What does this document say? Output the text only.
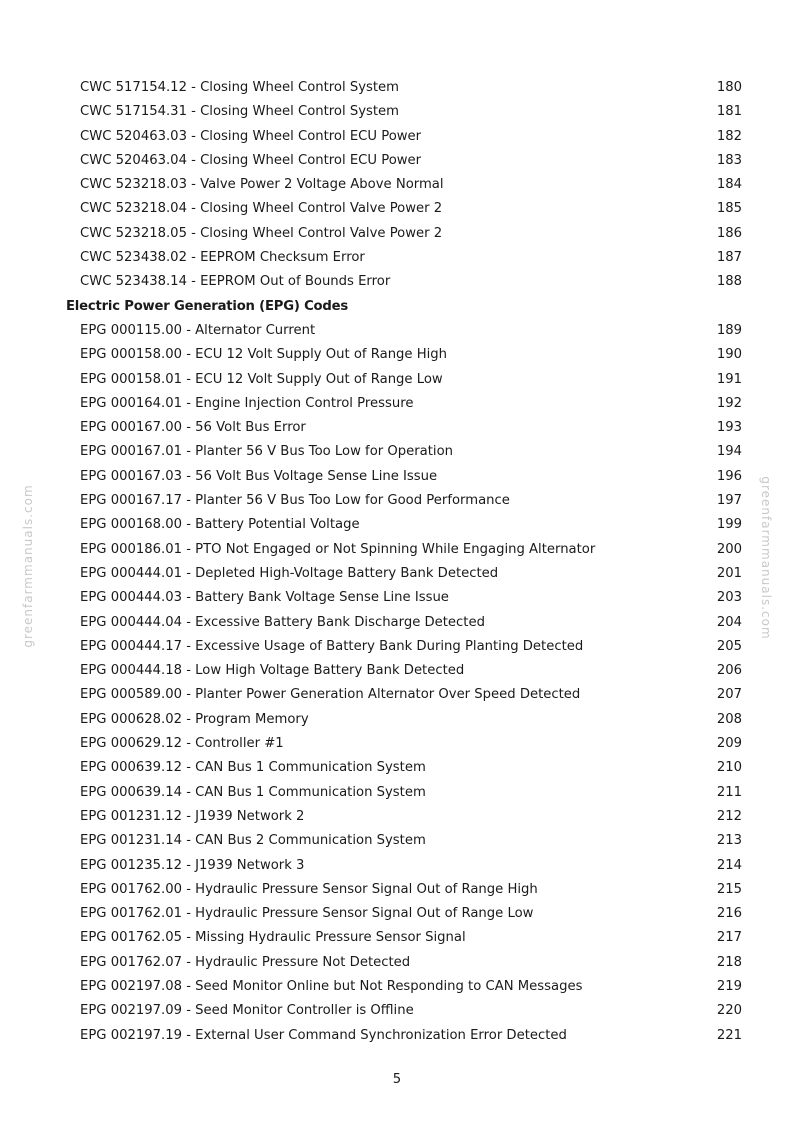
greenfarmmanuals.com	greenfarmmanuals.com
CWC 517154.12 - Closing Wheel Control System	180
CWC 517154.31 - Closing Wheel Control System	181
CWC 520463.03 - Closing Wheel Control ECU Power	182
CWC 520463.04 - Closing Wheel Control ECU Power	183
CWC 523218.03 - Valve Power 2 Voltage Above Normal	184
CWC 523218.04 - Closing Wheel Control Valve Power 2	185
CWC 523218.05 - Closing Wheel Control Valve Power 2	186
CWC 523438.02 - EEPROM Checksum Error	187
CWC 523438.14 - EEPROM Out of Bounds Error	188
Electric Power Generation (EPG) Codes
EPG 000115.00 - Alternator Current	189
EPG 000158.00 - ECU 12 Volt Supply Out of Range High	190
EPG 000158.01 - ECU 12 Volt Supply Out of Range Low	191
EPG 000164.01 - Engine Injection Control Pressure	192
EPG 000167.00 - 56 Volt Bus Error	193
EPG 000167.01 - Planter 56 V Bus Too Low for Operation	194
EPG 000167.03 - 56 Volt Bus Voltage Sense Line Issue	196
EPG 000167.17 - Planter 56 V Bus Too Low for Good Performance	197
EPG 000168.00 - Battery Potential Voltage	199
EPG 000186.01 - PTO Not Engaged or Not Spinning While Engaging Alternator	200
EPG 000444.01 - Depleted High-Voltage Battery Bank Detected	201
EPG 000444.03 - Battery Bank Voltage Sense Line Issue	203
EPG 000444.04 - Excessive Battery Bank Discharge Detected	204
EPG 000444.17 - Excessive Usage of Battery Bank During Planting Detected	205
EPG 000444.18 - Low High Voltage Battery Bank Detected	206
EPG 000589.00 - Planter Power Generation Alternator Over Speed Detected	207
EPG 000628.02 - Program Memory	208
EPG 000629.12 - Controller #1	209
EPG 000639.12 - CAN Bus 1 Communication System	210
EPG 000639.14 - CAN Bus 1 Communication System	211
EPG 001231.12 - J1939 Network 2	212
EPG 001231.14 - CAN Bus 2 Communication System	213
EPG 001235.12 - J1939 Network 3	214
EPG 001762.00 - Hydraulic Pressure Sensor Signal Out of Range High	215
EPG 001762.01 - Hydraulic Pressure Sensor Signal Out of Range Low	216
EPG 001762.05 - Missing Hydraulic Pressure Sensor Signal	217
EPG 001762.07 - Hydraulic Pressure Not Detected	218
EPG 002197.08 - Seed Monitor Online but Not Responding to CAN Messages	219
EPG 002197.09 - Seed Monitor Controller is Offline	220
EPG 002197.19 - External User Command Synchronization Error Detected	221
5
